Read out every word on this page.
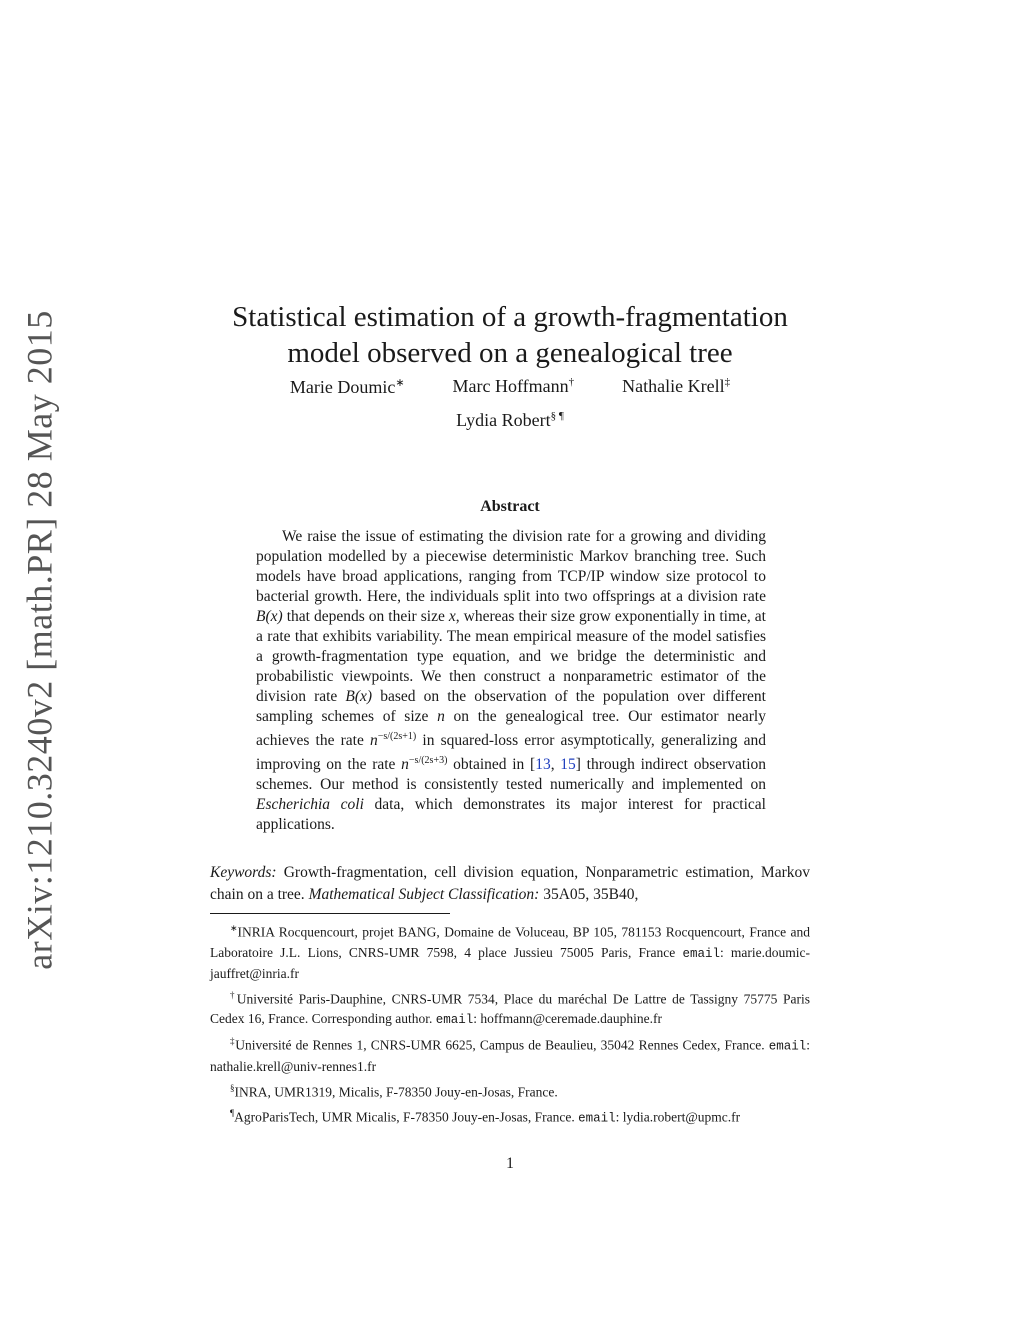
arXiv:1210.3240v2 [math.PR] 28 May 2015	Statistical estimation of a growth-fragmentation
model observed on a genealogical tree
Marie Doumic∗	Marc Hoffmann†	Nathalie Krell‡
Lydia Robert§ ¶
Abstract

We raise the issue of estimating the division rate for a growing and dividing population modelled by a piecewise deterministic Markov branching tree. Such models have broad applications, ranging from TCP/IP window size protocol to bacterial growth. Here, the individuals split into two offsprings at a division rate B(x) that depends on their size x, whereas their size grow exponentially in time, at a rate that exhibits variability. The mean empirical measure of the model satisfies a growth-fragmentation type equation, and we bridge the deterministic and probabilistic viewpoints. We then construct a nonparametric estimator of the division rate B(x) based on the observation of the population over different sampling schemes of size n on the genealogical tree. Our estimator nearly achieves the rate $n^{-s/(2s+1)}$ in squared-loss error asymptotically, generalizing and improving on the rate $n^{-s/(2s+3)}$ obtained in [13, 15] through indirect observation schemes. Our method is consistently tested numerically and implemented on Escherichia coli data, which demonstrates its major interest for practical applications.

Keywords: Growth-fragmentation, cell division equation, Nonparametric estimation, Markov chain on a tree. Mathematical Subject Classification: 35A05, 35B40,

∗INRIA Rocquencourt, projet BANG, Domaine de Voluceau, BP 105, 781153 Rocquencourt, France and Laboratoire J.L. Lions, CNRS-UMR 7598, 4 place Jussieu 75005 Paris, France email: marie.doumic-jauffret@inria.fr

†Université Paris-Dauphine, CNRS-UMR 7534, Place du maréchal De Lattre de Tassigny 75775 Paris Cedex 16, France. Corresponding author. email: hoffmann@ceremade.dauphine.fr

‡Université de Rennes 1, CNRS-UMR 6625, Campus de Beaulieu, 35042 Rennes Cedex, France. email: nathalie.krell@univ-rennes1.fr

§INRA, UMR1319, Micalis, F-78350 Jouy-en-Josas, France.

¶AgroParisTech, UMR Micalis, F-78350 Jouy-en-Josas, France. email: lydia.robert@upmc.fr

1
